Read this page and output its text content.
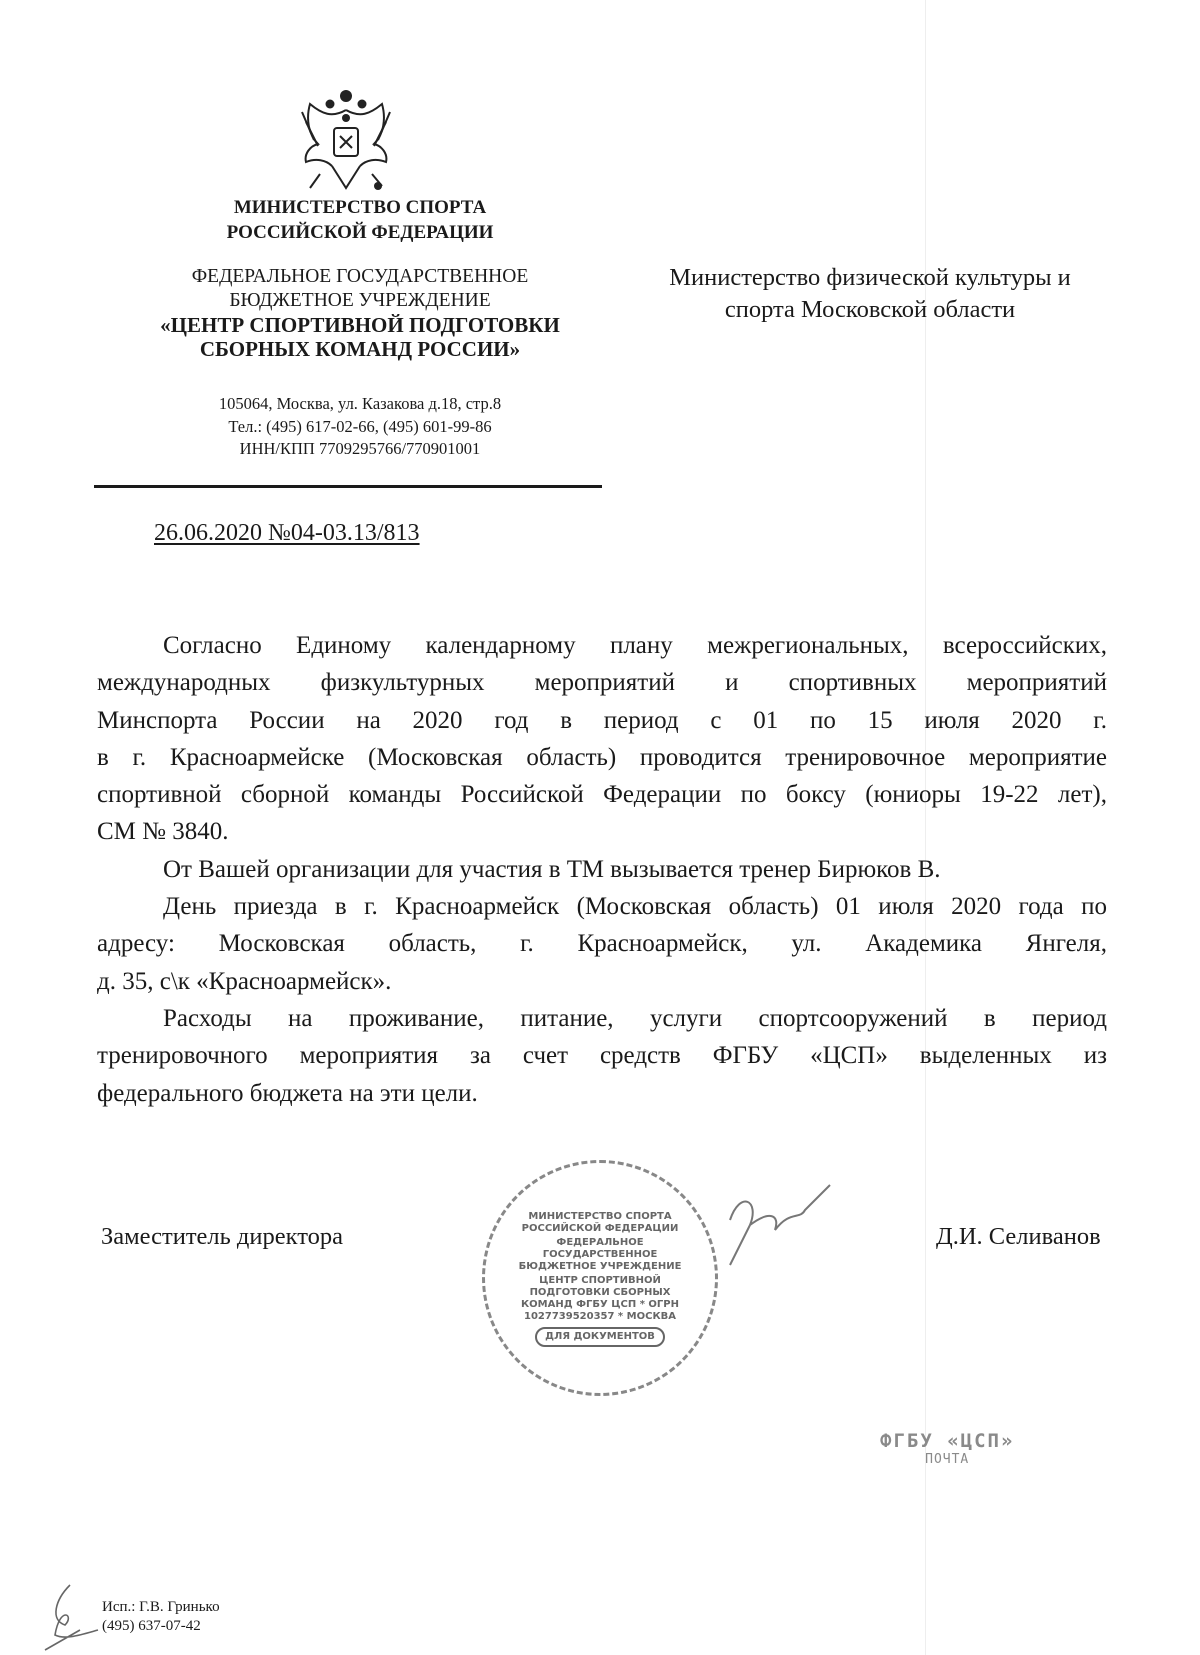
МИНИСТЕРСТВО СПОРТА
РОССИЙСКОЙ ФЕДЕРАЦИИ
ФЕДЕРАЛЬНОЕ ГОСУДАРСТВЕННОЕ
БЮДЖЕТНОЕ УЧРЕЖДЕНИЕ
«ЦЕНТР СПОРТИВНОЙ ПОДГОТОВКИ
СБОРНЫХ КОМАНД РОССИИ»
105064, Москва, ул. Казакова д.18, стр.8
Тел.: (495) 617-02-66, (495) 601-99-86
ИНН/КПП 7709295766/770901001
26.06.2020 №04-03.13/813
Министерство физической культуры и
спорта Московской области
Согласно Единому календарному плану межрегиональных, всероссийских,
международных физкультурных мероприятий и спортивных мероприятий
Минспорта России на 2020 год в период с 01 по 15 июля 2020 г.
в г. Красноармейске (Московская область) проводится тренировочное мероприятие
спортивной сборной команды Российской Федерации по боксу (юниоры 19-22 лет),
СМ № 3840.
От Вашей организации для участия в ТМ вызывается тренер Бирюков В.
День приезда в г. Красноармейск (Московская область) 01 июля 2020 года по
адресу: Московская область, г. Красноармейск, ул. Академика Янгеля,
д. 35, с\к «Красноармейск».
Расходы на проживание, питание, услуги спортсооружений в период
тренировочного мероприятия за счет средств ФГБУ «ЦСП» выделенных из
федерального бюджета на эти цели.
Заместитель директора	Д.И. Селиванов
МИНИСТЕРСТВО СПОРТА РОССИЙСКОЙ ФЕДЕРАЦИИ
ФЕДЕРАЛЬНОЕ ГОСУДАРСТВЕННОЕ БЮДЖЕТНОЕ УЧРЕЖДЕНИЕ
ЦЕНТР СПОРТИВНОЙ ПОДГОТОВКИ СБОРНЫХ КОМАНД ФГБУ ЦСП * ОГРН 1027739520357 * МОСКВА
ДЛЯ ДОКУМЕНТОВ
ФГБУ «ЦСП»
ПОЧТА
Исп.: Г.В. Гринько
(495) 637-07-42
